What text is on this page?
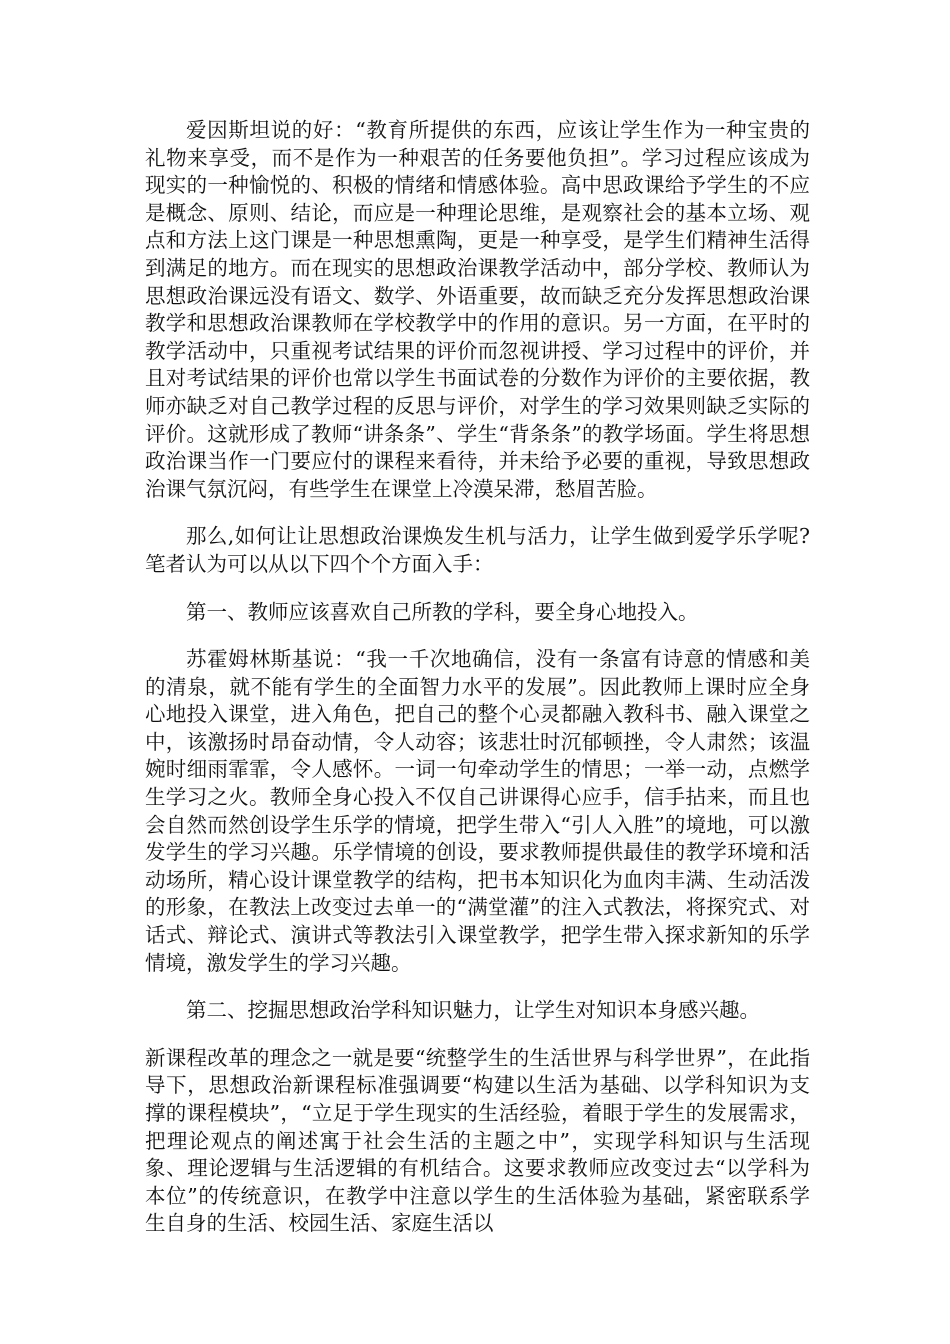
爱因斯坦说的好：“教育所提供的东西，应该让学生作为一种宝贵的礼物来享受，而不是作为一种艰苦的任务要他负担”。学习过程应该成为现实的一种愉悦的、积极的情绪和情感体验。高中思政课给予学生的不应是概念、原则、结论，而应是一种理论思维，是观察社会的基本立场、观点和方法上这门课是一种思想熏陶，更是一种享受，是学生们精神生活得到满足的地方。而在现实的思想政治课教学活动中，部分学校、教师认为思想政治课远没有语文、数学、外语重要，故而缺乏充分发挥思想政治课教学和思想政治课教师在学校教学中的作用的意识。另一方面，在平时的教学活动中，只重视考试结果的评价而忽视讲授、学习过程中的评价，并且对考试结果的评价也常以学生书面试卷的分数作为评价的主要依据，教师亦缺乏对自己教学过程的反思与评价，对学生的学习效果则缺乏实际的评价。这就形成了教师“讲条条”、学生“背条条”的教学场面。学生将思想政治课当作一门要应付的课程来看待，并未给予必要的重视，导致思想政治课气氛沉闷，有些学生在课堂上冷漠呆滞，愁眉苦脸。

那么,如何让让思想政治课焕发生机与活力，让学生做到爱学乐学呢?笔者认为可以从以下四个个方面入手：

第一、教师应该喜欢自己所教的学科，要全身心地投入。

苏霍姆林斯基说：“我一千次地确信，没有一条富有诗意的情感和美的清泉，就不能有学生的全面智力水平的发展”。因此教师上课时应全身心地投入课堂，进入角色，把自己的整个心灵都融入教科书、融入课堂之中，该激扬时昂奋动情，令人动容；该悲壮时沉郁顿挫，令人肃然；该温婉时细雨霏霏，令人感怀。一词一句牵动学生的情思；一举一动，点燃学生学习之火。教师全身心投入不仅自己讲课得心应手，信手拈来，而且也会自然而然创设学生乐学的情境，把学生带入“引人入胜”的境地，可以激发学生的学习兴趣。乐学情境的创设，要求教师提供最佳的教学环境和活动场所，精心设计课堂教学的结构，把书本知识化为血肉丰满、生动活泼的形象，在教法上改变过去单一的“满堂灌”的注入式教法，将探究式、对话式、辩论式、演讲式等教法引入课堂教学，把学生带入探求新知的乐学情境，激发学生的学习兴趣。

第二、挖掘思想政治学科知识魅力，让学生对知识本身感兴趣。

新课程改革的理念之一就是要“统整学生的生活世界与科学世界”，在此指导下，思想政治新课程标准强调要“构建以生活为基础、以学科知识为支撑的课程模块”，“立足于学生现实的生活经验，着眼于学生的发展需求，把理论观点的阐述寓于社会生活的主题之中”，实现学科知识与生活现象、理论逻辑与生活逻辑的有机结合。这要求教师应改变过去“以学科为本位”的传统意识，在教学中注意以学生的生活体验为基础，紧密联系学生自身的生活、校园生活、家庭生活以
